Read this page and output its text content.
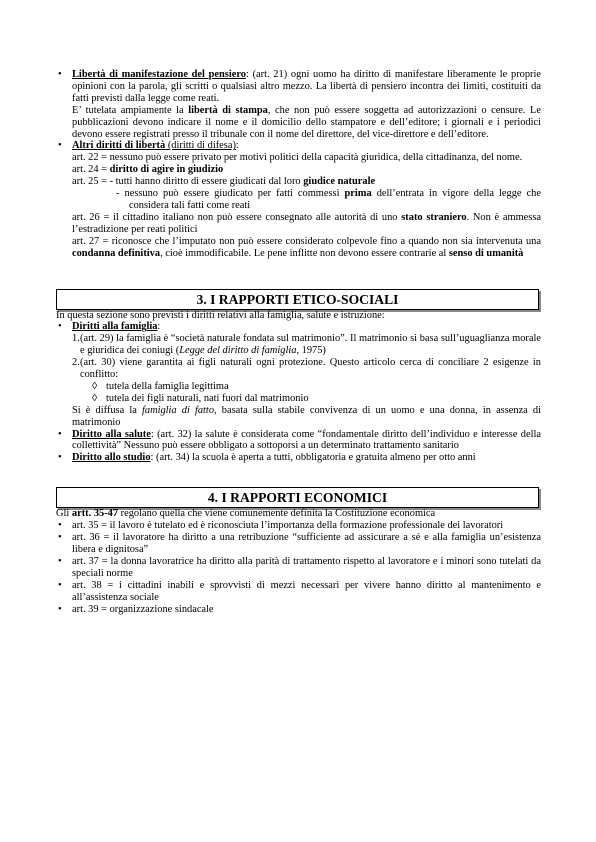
• Libertà di manifestazione del pensiero: (art. 21) ogni uomo ha diritto di manifestare liberamente le proprie opinioni con la parola, gli scritti o qualsiasi altro mezzo. La libertà di pensiero incontra dei limiti, costituiti da fatti previsti dalla legge come reati.
E’ tutelata ampiamente la libertà di stampa, che non può essere soggetta ad autorizzazioni o censure. Le pubblicazioni devono indicare il nome e il domicilio dello stampatore e dell’editore; i giornali e i periodici devono essere registrati presso il tribunale con il nome del direttore, del vice-direttore e dell’editore.
• Altri diritti di libertà (diritti di difesa):
art. 22 = nessuno può essere privato per motivi politici della capacità giuridica, della cittadinanza, del nome.
art. 24 = diritto di agire in giudizio
art. 25 = - tutti hanno diritto di essere giudicati dal loro giudice naturale
- nessuno può essere giudicato per fatti commessi prima dell’entrata in vigore della legge che considera tali fatti come reati
art. 26 = il cittadino italiano non può essere consegnato alle autorità di uno stato straniero. Non è ammessa l’estradizione per reati politici
art. 27 = riconosce che l’imputato non può essere considerato colpevole fino a quando non sia intervenuta una condanna definitiva, cioè immodificabile. Le pene inflitte non devono essere contrarie al senso di umanità
3. I RAPPORTI ETICO-SOCIALI
In questa sezione sono previsti i diritti relativi alla famiglia, salute e istruzione:
• Diritti alla famiglia:
1. (art. 29) la famiglia è “società naturale fondata sul matrimonio”. Il matrimonio si basa sull’uguaglianza morale e giuridica dei coniugi (Legge del diritto di famiglia, 1975)
2. (art. 30) viene garantita ai figli naturali ogni protezione. Questo articolo cerca di conciliare 2 esigenze in conflitto:
◊ tutela della famiglia legittima
◊ tutela dei figli naturali, nati fuori dal matrimonio
Si è diffusa la famiglia di fatto, basata sulla stabile convivenza di un uomo e una donna, in assenza di matrimonio
• Diritto alla salute: (art. 32) la salute è considerata come “fondamentale diritto dell’individuo e interesse della collettività” Nessuno può essere obbligato a sottoporsi a un determinato trattamento sanitario
• Diritto allo studio: (art. 34) la scuola è aperta a tutti, obbligatoria e gratuita almeno per otto anni
4. I RAPPORTI ECONOMICI
Gli artt. 35-47 regolano quella che viene comunemente definita la Costituzione economica
• art. 35 = il lavoro è tutelato ed è riconosciuta l’importanza della formazione professionale dei lavoratori
• art. 36 = il lavoratore ha diritto a una retribuzione “sufficiente ad assicurare a sé e alla famiglia un’esistenza libera e dignitosa”
• art. 37 = la donna lavoratrice ha diritto alla parità di trattamento rispetto al lavoratore e i minori sono tutelati da speciali norme
• art. 38 = i cittadini inabili e sprovvisti di mezzi necessari per vivere hanno diritto al mantenimento e all’assistenza sociale
• art. 39 = organizzazione sindacale
